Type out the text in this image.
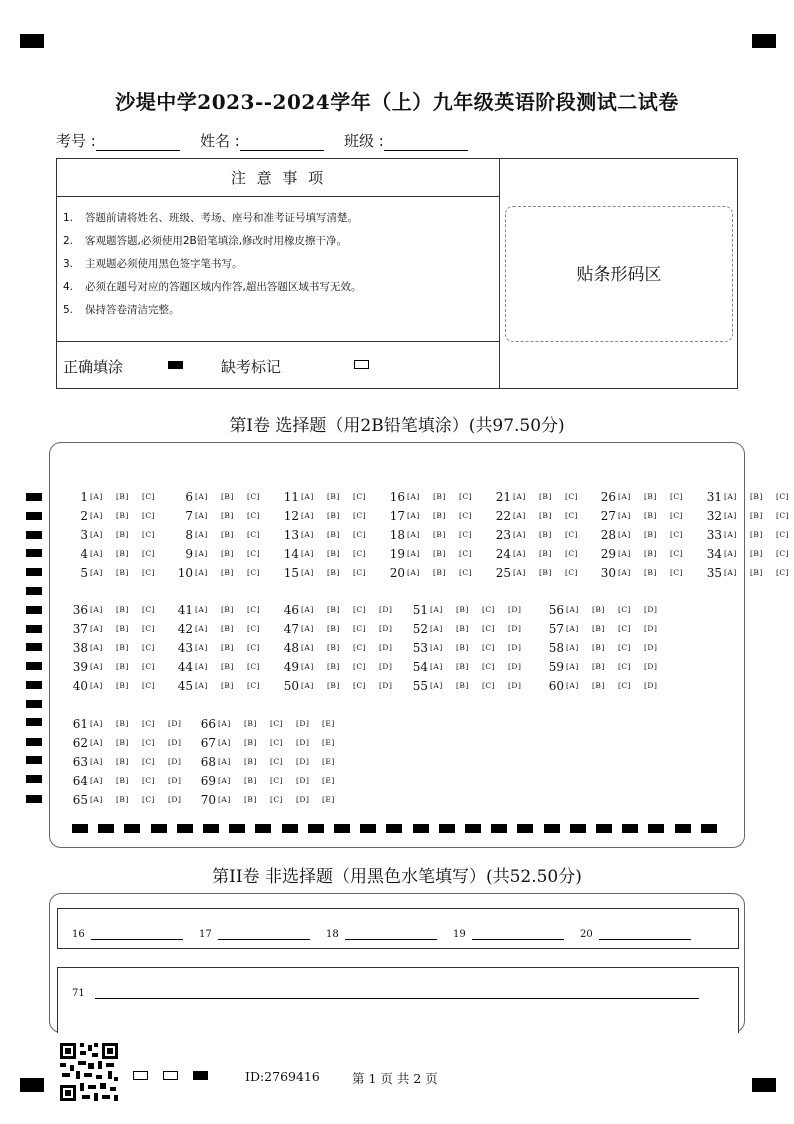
沙堤中学2023--2024学年（上）九年级英语阶段测试二试卷
考号 :	姓名 :	班级 :
注 意 事 项
1. 答题前请将姓名、班级、考场、座号和准考证号填写清楚。
2. 客观题答题,必须使用2B铅笔填涂,修改时用橡皮擦干净。
3. 主观题必须使用黑色签字笔书写。
4. 必须在题号对应的答题区域内作答,超出答题区域书写无效。
5. 保持答卷清洁完整。
正确填涂	缺考标记
贴条形码区
第I卷 选择题（用2B铅笔填涂）(共97.50分)
1 [A] [B] [C]
2 [A] [B] [C]
3 [A] [B] [C]
4 [A] [B] [C]
5 [A] [B] [C]
6 [A] [B] [C]
7 [A] [B] [C]
8 [A] [B] [C]
9 [A] [B] [C]
10 [A] [B] [C]
11 [A] [B] [C]
12 [A] [B] [C]
13 [A] [B] [C]
14 [A] [B] [C]
15 [A] [B] [C]
16 [A] [B] [C]
17 [A] [B] [C]
18 [A] [B] [C]
19 [A] [B] [C]
20 [A] [B] [C]
21 [A] [B] [C]
22 [A] [B] [C]
23 [A] [B] [C]
24 [A] [B] [C]
25 [A] [B] [C]
26 [A] [B] [C]
27 [A] [B] [C]
28 [A] [B] [C]
29 [A] [B] [C]
30 [A] [B] [C]
31 [A] [B] [C]
32 [A] [B] [C]
33 [A] [B] [C]
34 [A] [B] [C]
35 [A] [B] [C]
36 [A] [B] [C]
37 [A] [B] [C]
38 [A] [B] [C]
39 [A] [B] [C]
40 [A] [B] [C]
41 [A] [B] [C]
42 [A] [B] [C]
43 [A] [B] [C]
44 [A] [B] [C]
45 [A] [B] [C]
46 [A] [B] [C] [D]
47 [A] [B] [C] [D]
48 [A] [B] [C] [D]
49 [A] [B] [C] [D]
50 [A] [B] [C] [D]
51 [A] [B] [C] [D]
52 [A] [B] [C] [D]
53 [A] [B] [C] [D]
54 [A] [B] [C] [D]
55 [A] [B] [C] [D]
56 [A] [B] [C] [D]
57 [A] [B] [C] [D]
58 [A] [B] [C] [D]
59 [A] [B] [C] [D]
60 [A] [B] [C] [D]
61 [A] [B] [C] [D]
62 [A] [B] [C] [D]
63 [A] [B] [C] [D]
64 [A] [B] [C] [D]
65 [A] [B] [C] [D]
66 [A] [B] [C] [D] [E]
67 [A] [B] [C] [D] [E]
68 [A] [B] [C] [D] [E]
69 [A] [B] [C] [D] [E]
70 [A] [B] [C] [D] [E]
第II卷 非选择题（用黑色水笔填写）(共52.50分)
16	17	18	19	20
71
ID:2769416	第 1 页 共 2 页
